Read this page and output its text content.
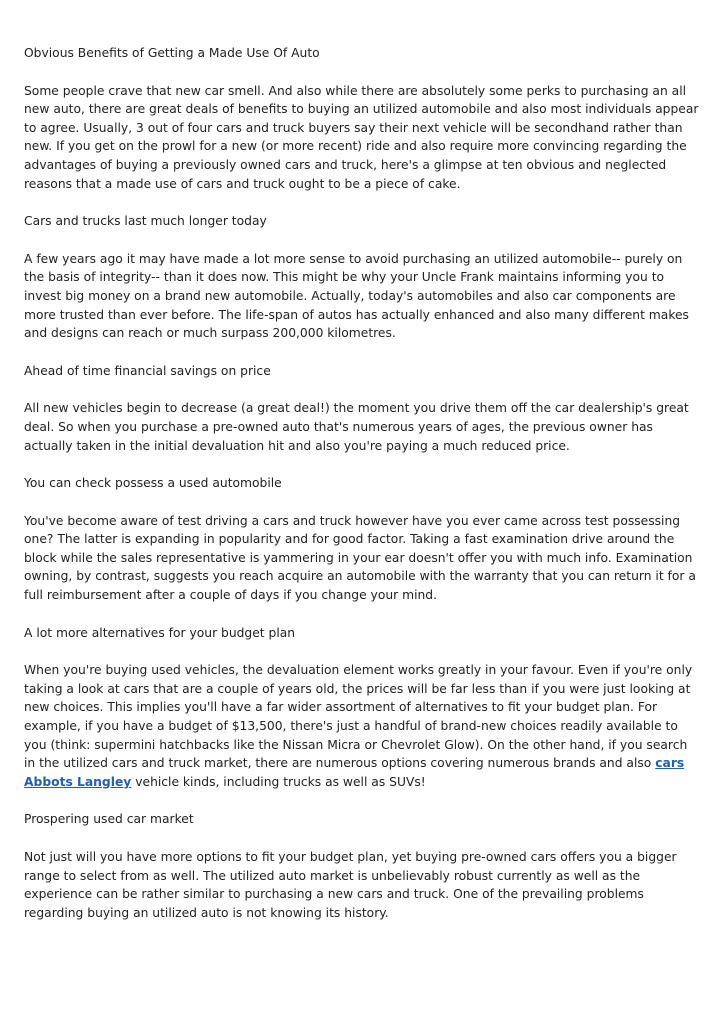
Obvious Benefits of Getting a Made Use Of Auto

Some people crave that new car smell. And also while there are absolutely some perks to purchasing an all new auto, there are great deals of benefits to buying an utilized automobile and also most individuals appear to agree. Usually, 3 out of four cars and truck buyers say their next vehicle will be secondhand rather than new. If you get on the prowl for a new (or more recent) ride and also require more convincing regarding the advantages of buying a previously owned cars and truck, here's a glimpse at ten obvious and neglected reasons that a made use of cars and truck ought to be a piece of cake.

Cars and trucks last much longer today

A few years ago it may have made a lot more sense to avoid purchasing an utilized automobile-- purely on the basis of integrity-- than it does now. This might be why your Uncle Frank maintains informing you to invest big money on a brand new automobile. Actually, today's automobiles and also car components are more trusted than ever before. The life-span of autos has actually enhanced and also many different makes and designs can reach or much surpass 200,000 kilometres.

Ahead of time financial savings on price

All new vehicles begin to decrease (a great deal!) the moment you drive them off the car dealership's great deal. So when you purchase a pre-owned auto that's numerous years of ages, the previous owner has actually taken in the initial devaluation hit and also you're paying a much reduced price.

You can check possess a used automobile

You've become aware of test driving a cars and truck however have you ever came across test possessing one? The latter is expanding in popularity and for good factor. Taking a fast examination drive around the block while the sales representative is yammering in your ear doesn't offer you with much info. Examination owning, by contrast, suggests you reach acquire an automobile with the warranty that you can return it for a full reimbursement after a couple of days if you change your mind.

A lot more alternatives for your budget plan

When you're buying used vehicles, the devaluation element works greatly in your favour. Even if you're only taking a look at cars that are a couple of years old, the prices will be far less than if you were just looking at new choices. This implies you'll have a far wider assortment of alternatives to fit your budget plan. For example, if you have a budget of $13,500, there's just a handful of brand-new choices readily available to you (think: supermini hatchbacks like the Nissan Micra or Chevrolet Glow). On the other hand, if you search in the utilized cars and truck market, there are numerous options covering numerous brands and also cars Abbots Langley vehicle kinds, including trucks as well as SUVs!

Prospering used car market

Not just will you have more options to fit your budget plan, yet buying pre-owned cars offers you a bigger range to select from as well. The utilized auto market is unbelievably robust currently as well as the experience can be rather similar to purchasing a new cars and truck. One of the prevailing problems regarding buying an utilized auto is not knowing its history.
